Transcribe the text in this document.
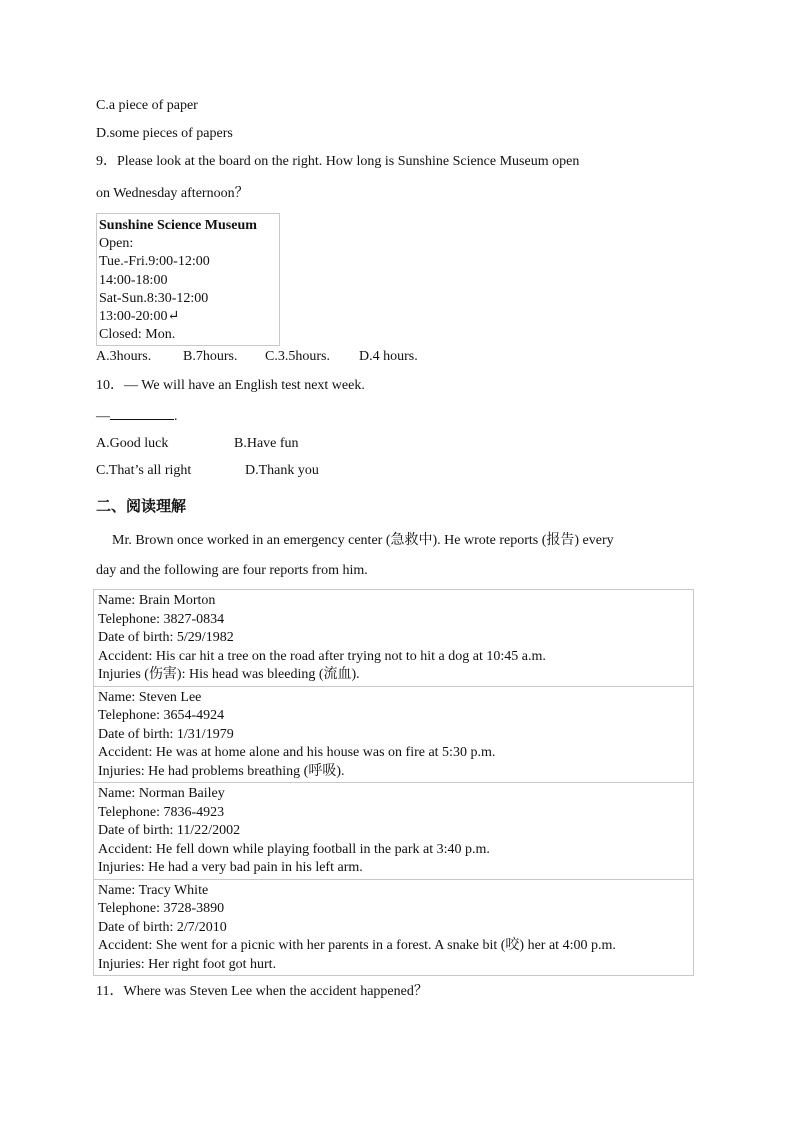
C.a piece of paper
D.some pieces of papers
9．Please look at the board on the right. How long is Sunshine Science Museum open
on Wednesday afternoon？
Sunshine Science Museum
Open:
Tue.-Fri.9:00-12:00
14:00-18:00
Sat-Sun.8:30-12:00
13:00-20:00↵
Closed: Mon.
A.3hours. B.7hours. C.3.5hours. D.4 hours.
10．— We will have an English test next week.
—	.
A.Good luck	B.Have fun
C.That’s all right	D.Thank you
二、阅读理解
Mr. Brown once worked in an emergency center (急救中). He wrote reports (报告) every
day and the following are four reports from him.
Name: Brain Morton
Telephone: 3827-0834
Date of birth: 5/29/1982
Accident: His car hit a tree on the road after trying not to hit a dog at 10:45 a.m.
Injuries (伤害): His head was bleeding (流血).

Name: Steven Lee
Telephone: 3654-4924
Date of birth: 1/31/1979
Accident: He was at home alone and his house was on fire at 5:30 p.m.
Injuries: He had problems breathing (呼吸).

Name: Norman Bailey
Telephone: 7836-4923
Date of birth: 11/22/2002
Accident: He fell down while playing football in the park at 3:40 p.m.
Injuries: He had a very bad pain in his left arm.

Name: Tracy White
Telephone: 3728-3890
Date of birth: 2/7/2010
Accident: She went for a picnic with her parents in a forest. A snake bit (咬) her at 4:00 p.m.
Injuries: Her right foot got hurt.
11．Where was Steven Lee when the accident happened？
